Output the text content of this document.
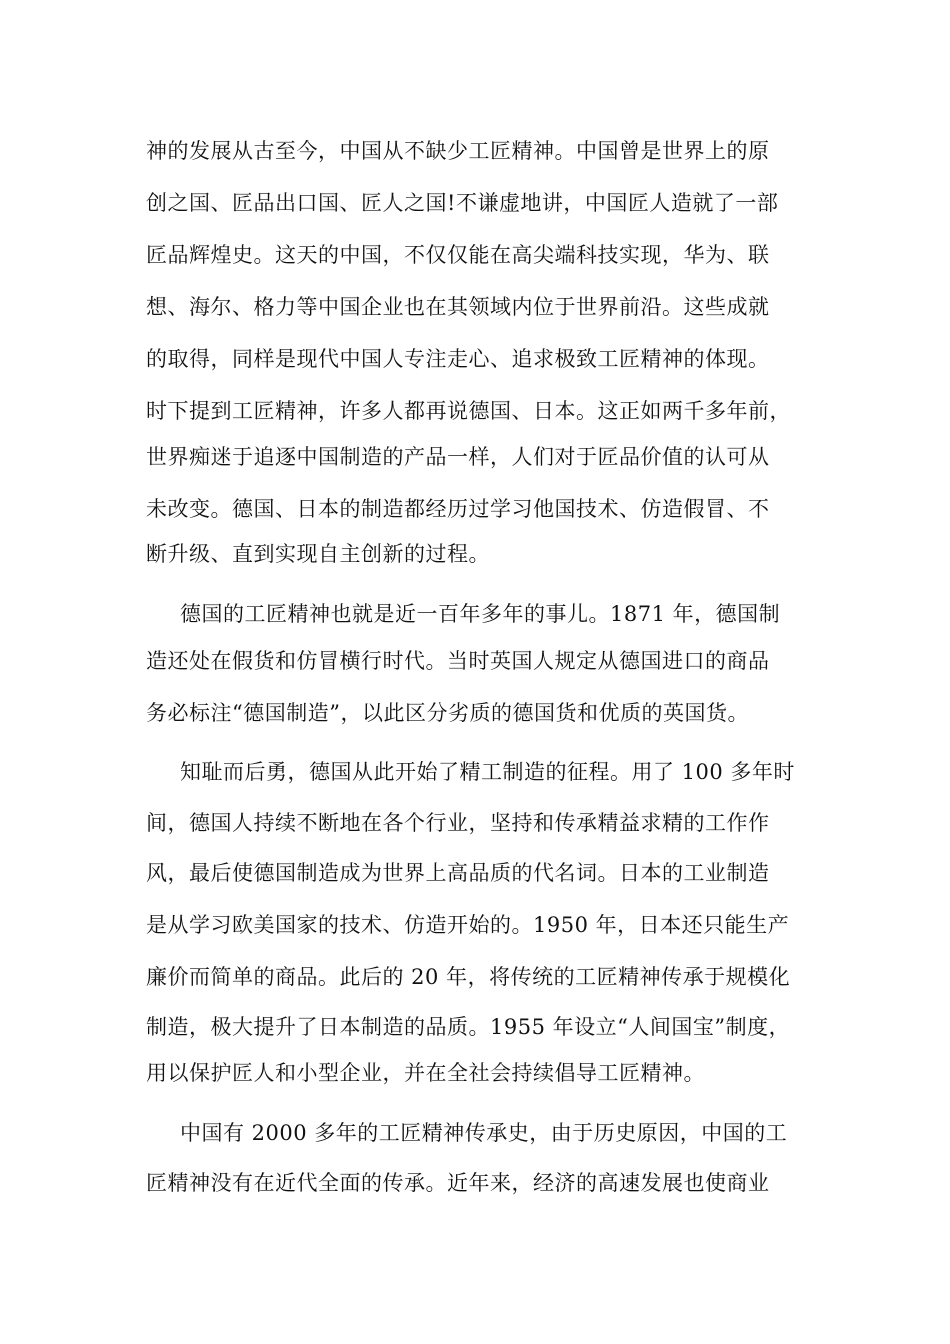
神的发展从古至今，中国从不缺少工匠精神。中国曾是世界上的原
创之国、匠品出口国、匠人之国!不谦虚地讲，中国匠人造就了一部
匠品辉煌史。这天的中国，不仅仅能在高尖端科技实现，华为、联
想、海尔、格力等中国企业也在其领域内位于世界前沿。这些成就
的取得，同样是现代中国人专注走心、追求极致工匠精神的体现。
时下提到工匠精神，许多人都再说德国、日本。这正如两千多年前，
世界痴迷于追逐中国制造的产品一样，人们对于匠品价值的认可从
未改变。德国、日本的制造都经历过学习他国技术、仿造假冒、不
断升级、直到实现自主创新的过程。
德国的工匠精神也就是近一百年多年的事儿。1871 年，德国制
造还处在假货和仿冒横行时代。当时英国人规定从德国进口的商品
务必标注“德国制造”，以此区分劣质的德国货和优质的英国货。
知耻而后勇，德国从此开始了精工制造的征程。用了 100 多年时
间，德国人持续不断地在各个行业，坚持和传承精益求精的工作作
风，最后使德国制造成为世界上高品质的代名词。日本的工业制造
是从学习欧美国家的技术、仿造开始的。1950 年，日本还只能生产
廉价而简单的商品。此后的 20 年，将传统的工匠精神传承于规模化
制造，极大提升了日本制造的品质。1955 年设立“人间国宝”制度，
用以保护匠人和小型企业，并在全社会持续倡导工匠精神。
中国有 2000 多年的工匠精神传承史，由于历史原因，中国的工
匠精神没有在近代全面的传承。近年来，经济的高速发展也使商业
